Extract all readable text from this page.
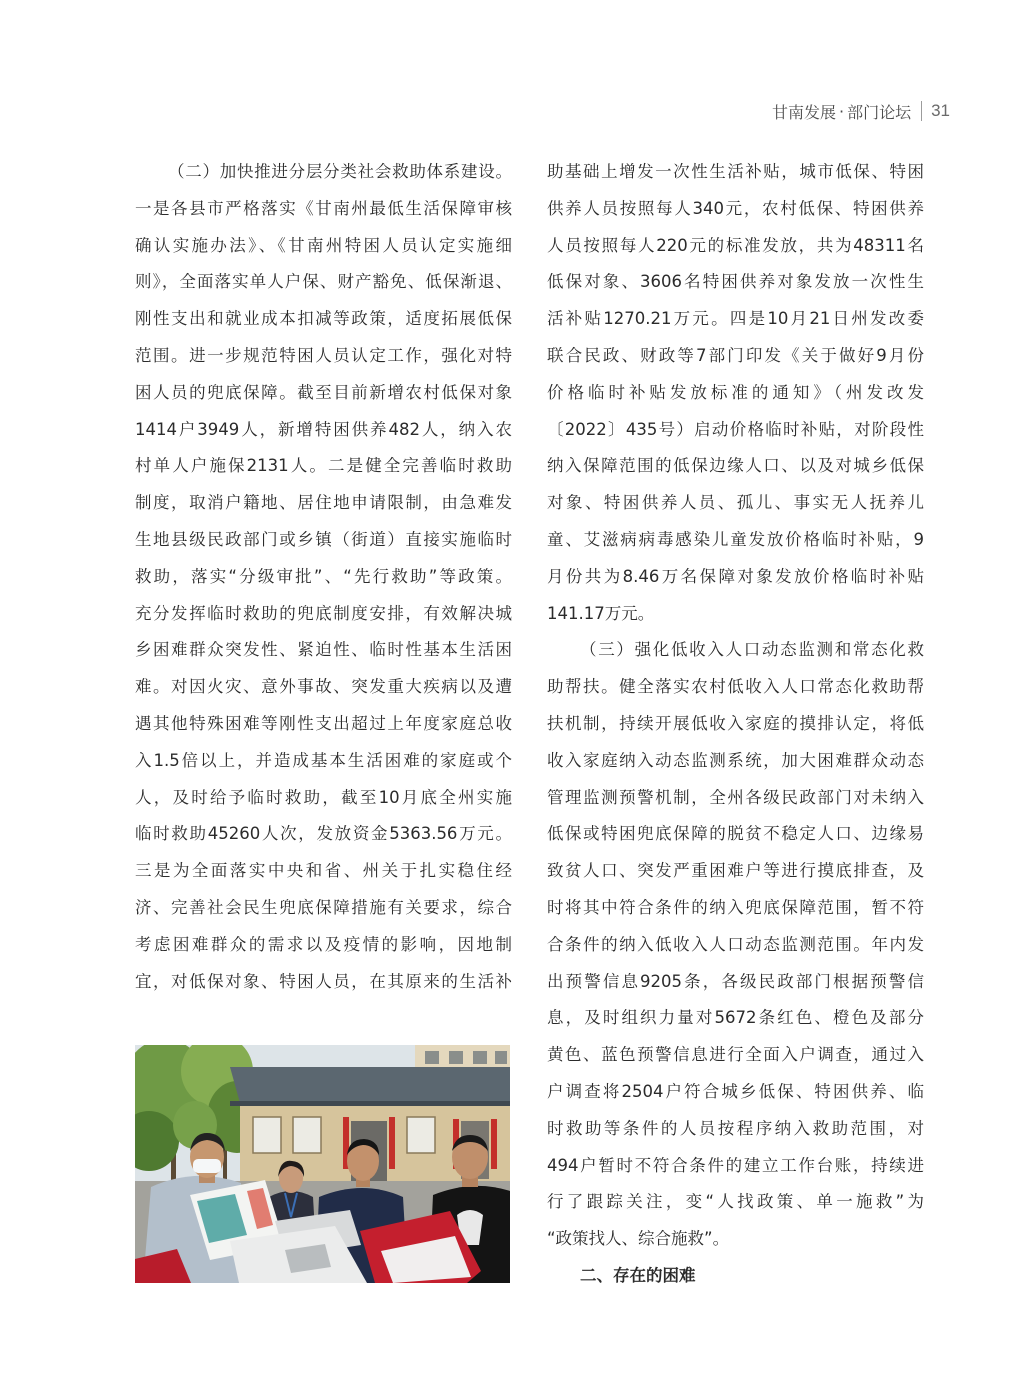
甘南发展 · 部门论坛 31
（二）加快推进分层分类社会救助体系建设。
一是各县市严格落实《甘南州最低生活保障审核
确认实施办法》、《甘南州特困人员认定实施细
则》，全面落实单人户保、财产豁免、低保渐退、
刚性支出和就业成本扣减等政策，适度拓展低保
范围。进一步规范特困人员认定工作，强化对特
困人员的兜底保障。截至目前新增农村低保对象
1414户3949人，新增特困供养482人，纳入农
村单人户施保2131人。二是健全完善临时救助
制度，取消户籍地、居住地申请限制，由急难发
生地县级民政部门或乡镇（街道）直接实施临时
救助，落实“分级审批”、“先行救助”等政策。
充分发挥临时救助的兜底制度安排，有效解决城
乡困难群众突发性、紧迫性、临时性基本生活困
难。对因火灾、意外事故、突发重大疾病以及遭
遇其他特殊困难等刚性支出超过上年度家庭总收
入1.5倍以上，并造成基本生活困难的家庭或个
人，及时给予临时救助，截至10月底全州实施
临时救助45260人次，发放资金5363.56万元。
三是为全面落实中央和省、州关于扎实稳住经
济、完善社会民生兜底保障措施有关要求，综合
考虑困难群众的需求以及疫情的影响，因地制
宜，对低保对象、特困人员，在其原来的生活补
助基础上增发一次性生活补贴，城市低保、特困
供养人员按照每人340元，农村低保、特困供养
人员按照每人220元的标准发放，共为48311名
低保对象、3606名特困供养对象发放一次性生
活补贴1270.21万元。四是10月21日州发改委
联合民政、财政等7部门印发《关于做好9月份
价格临时补贴发放标准的通知》（州发改发
〔2022〕435号）启动价格临时补贴，对阶段性
纳入保障范围的低保边缘人口、以及对城乡低保
对象、特困供养人员、孤儿、事实无人抚养儿
童、艾滋病病毒感染儿童发放价格临时补贴，9
月份共为8.46万名保障对象发放价格临时补贴
141.17万元。
（三）强化低收入人口动态监测和常态化救
助帮扶。健全落实农村低收入人口常态化救助帮
扶机制，持续开展低收入家庭的摸排认定，将低
收入家庭纳入动态监测系统，加大困难群众动态
管理监测预警机制，全州各级民政部门对未纳入
低保或特困兜底保障的脱贫不稳定人口、边缘易
致贫人口、突发严重困难户等进行摸底排查，及
时将其中符合条件的纳入兜底保障范围，暂不符
合条件的纳入低收入人口动态监测范围。年内发
出预警信息9205条，各级民政部门根据预警信
息，及时组织力量对5672条红色、橙色及部分
黄色、蓝色预警信息进行全面入户调查，通过入
户调查将2504户符合城乡低保、特困供养、临
时救助等条件的人员按程序纳入救助范围，对
494户暂时不符合条件的建立工作台账，持续进
行了跟踪关注，变“人找政策、单一施救”为
“政策找人、综合施救”。
二、存在的困难
